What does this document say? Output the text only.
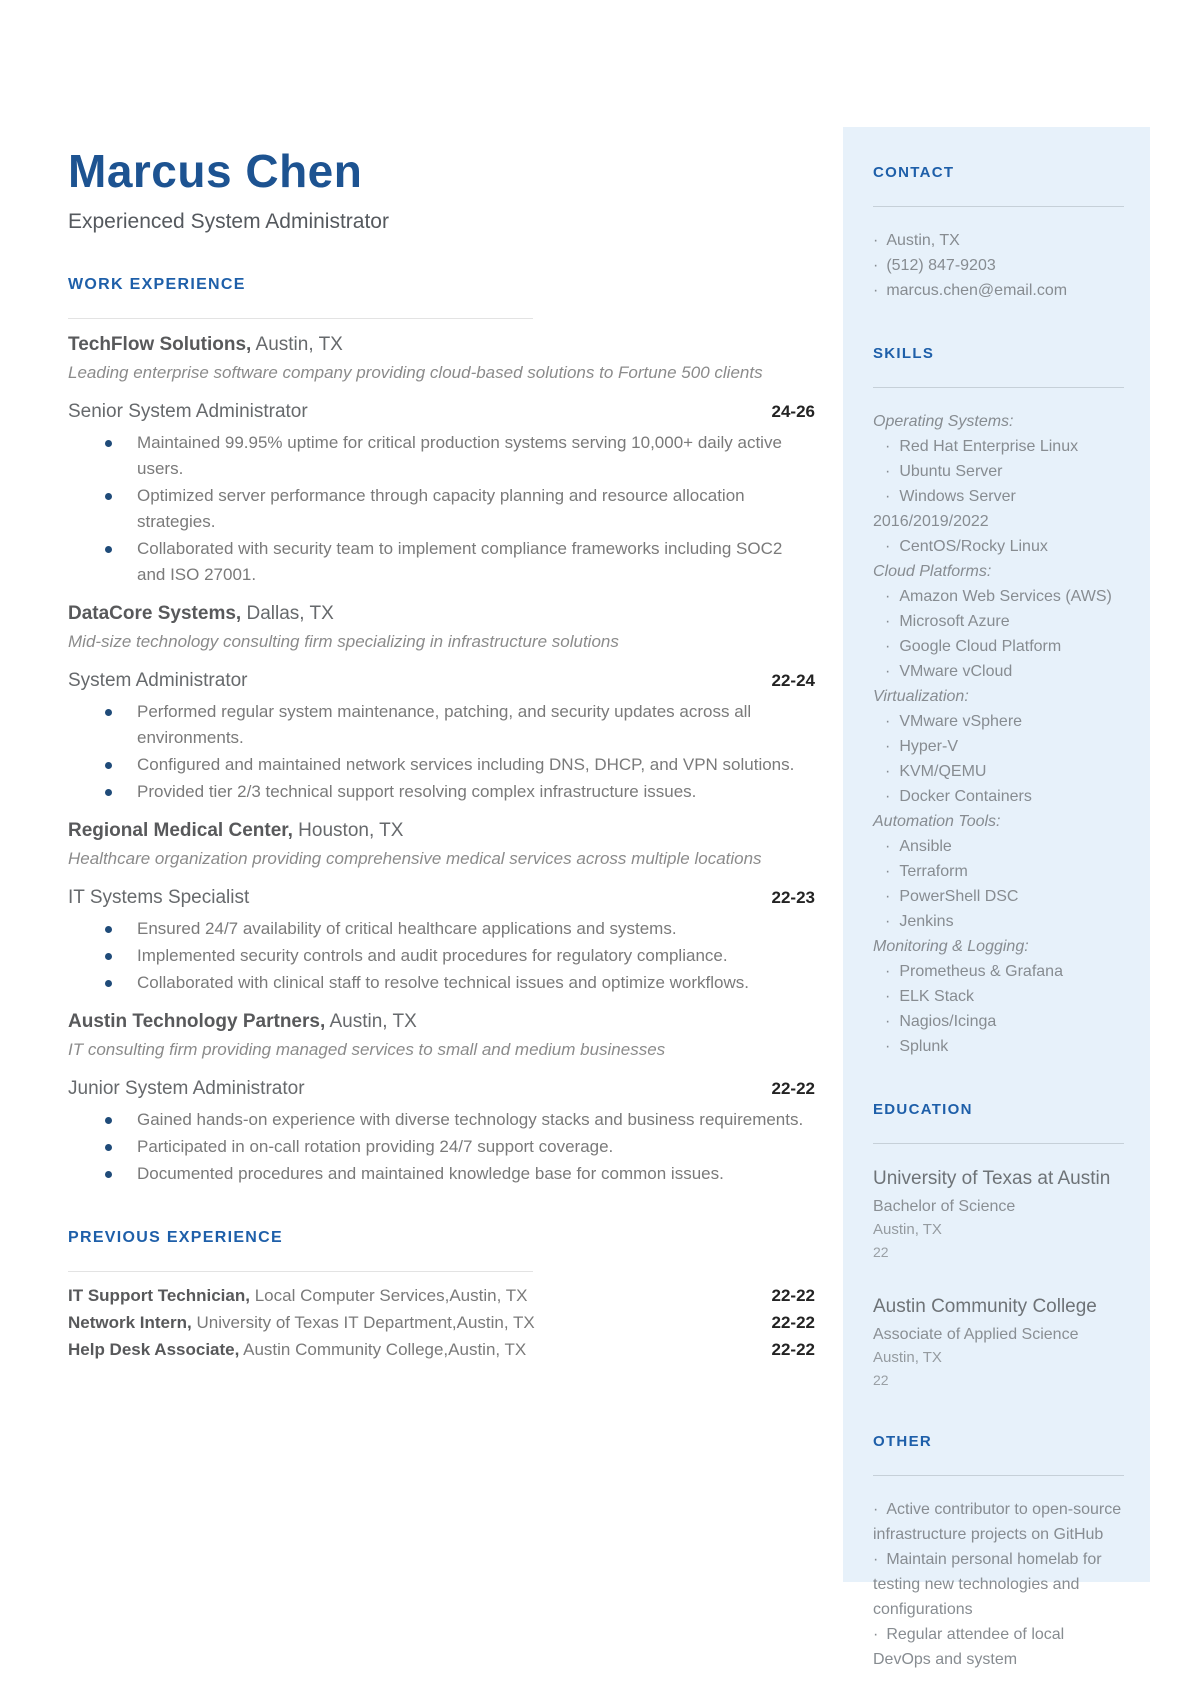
Marcus Chen
Experienced System Administrator
WORK EXPERIENCE
TechFlow Solutions, Austin, TX
Leading enterprise software company providing cloud-based solutions to Fortune 500 clients
Senior System Administrator	24-26
Maintained 99.95% uptime for critical production systems serving 10,000+ daily active users.
Optimized server performance through capacity planning and resource allocation strategies.
Collaborated with security team to implement compliance frameworks including SOC2 and ISO 27001.
DataCore Systems, Dallas, TX
Mid-size technology consulting firm specializing in infrastructure solutions
System Administrator	22-24
Performed regular system maintenance, patching, and security updates across all environments.
Configured and maintained network services including DNS, DHCP, and VPN solutions.
Provided tier 2/3 technical support resolving complex infrastructure issues.
Regional Medical Center, Houston, TX
Healthcare organization providing comprehensive medical services across multiple locations
IT Systems Specialist	22-23
Ensured 24/7 availability of critical healthcare applications and systems.
Implemented security controls and audit procedures for regulatory compliance.
Collaborated with clinical staff to resolve technical issues and optimize workflows.
Austin Technology Partners, Austin, TX
IT consulting firm providing managed services to small and medium businesses
Junior System Administrator	22-22
Gained hands-on experience with diverse technology stacks and business requirements.
Participated in on-call rotation providing 24/7 support coverage.
Documented procedures and maintained knowledge base for common issues.
PREVIOUS EXPERIENCE
IT Support Technician, Local Computer Services,Austin, TX	22-22
Network Intern, University of Texas IT Department,Austin, TX	22-22
Help Desk Associate, Austin Community College,Austin, TX	22-22
CONTACT
· Austin, TX
· (512) 847-9203
· marcus.chen@email.com
SKILLS
Operating Systems:
· Red Hat Enterprise Linux
· Ubuntu Server
· Windows Server 2016/2019/2022
· CentOS/Rocky Linux
Cloud Platforms:
· Amazon Web Services (AWS)
· Microsoft Azure
· Google Cloud Platform
· VMware vCloud
Virtualization:
· VMware vSphere
· Hyper-V
· KVM/QEMU
· Docker Containers
Automation Tools:
· Ansible
· Terraform
· PowerShell DSC
· Jenkins
Monitoring & Logging:
· Prometheus & Grafana
· ELK Stack
· Nagios/Icinga
· Splunk
EDUCATION
University of Texas at Austin
Bachelor of Science
Austin, TX
22
Austin Community College
Associate of Applied Science
Austin, TX
22
OTHER
· Active contributor to open-source infrastructure projects on GitHub
· Maintain personal homelab for testing new technologies and configurations
· Regular attendee of local DevOps and system
